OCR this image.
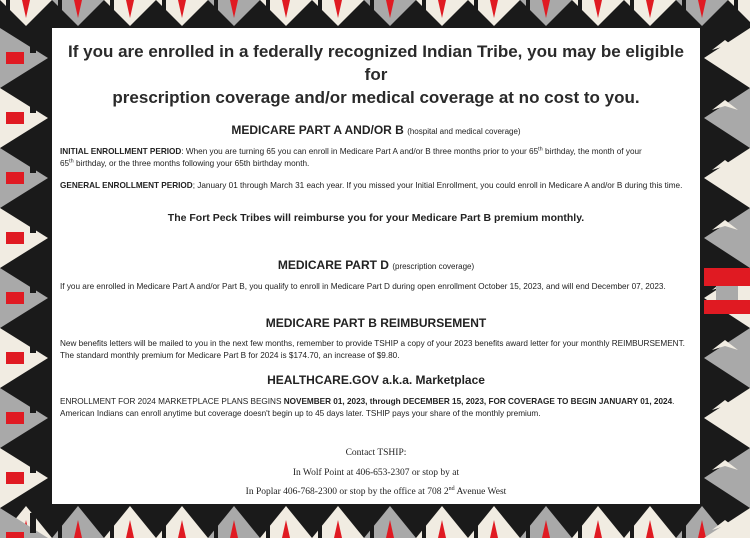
If you are enrolled in a federally recognized Indian Tribe, you may be eligible for
prescription coverage and/or medical coverage at no cost to you.
MEDICARE PART A AND/OR B (hospital and medical coverage)
INITIAL ENROLLMENT PERIOD: When you are turning 65 you can enroll in Medicare Part A and/or B three months prior to your 65th birthday, the month of your
65th birthday, or the three months following your 65th birthday month.
GENERAL ENROLLMENT PERIOD; January 01 through March 31 each year. If you missed your Initial Enrollment, you could enroll in Medicare A and/or B during this time.
The Fort Peck Tribes will reimburse you for your Medicare Part B premium monthly.
MEDICARE PART D (prescription coverage)
If you are enrolled in Medicare Part A and/or Part B, you qualify to enroll in Medicare Part D during open enrollment October 15, 2023, and will end December 07, 2023.
MEDICARE PART B REIMBURSEMENT
New benefits letters will be mailed to you in the next few months, remember to provide TSHIP a copy of your 2023 benefits award letter for your monthly REIMBURSEMENT. The standard monthly premium for Medicare Part B for 2024 is $174.70, an increase of $9.80.
HEALTHCARE.GOV a.k.a. Marketplace
ENROLLMENT FOR 2024 MARKETPLACE PLANS BEGINS NOVEMBER 01, 2023, through DECEMBER 15, 2023, FOR COVERAGE TO BEGIN JANUARY 01, 2024. American Indians can enroll anytime but coverage doesn't begin up to 45 days later. TSHIP pays your share of the monthly premium.
Contact TSHIP:
In Wolf Point at 406-653-2307 or stop by at
In Poplar 406-768-2300 or stop by the office at 708 2nd Avenue West
